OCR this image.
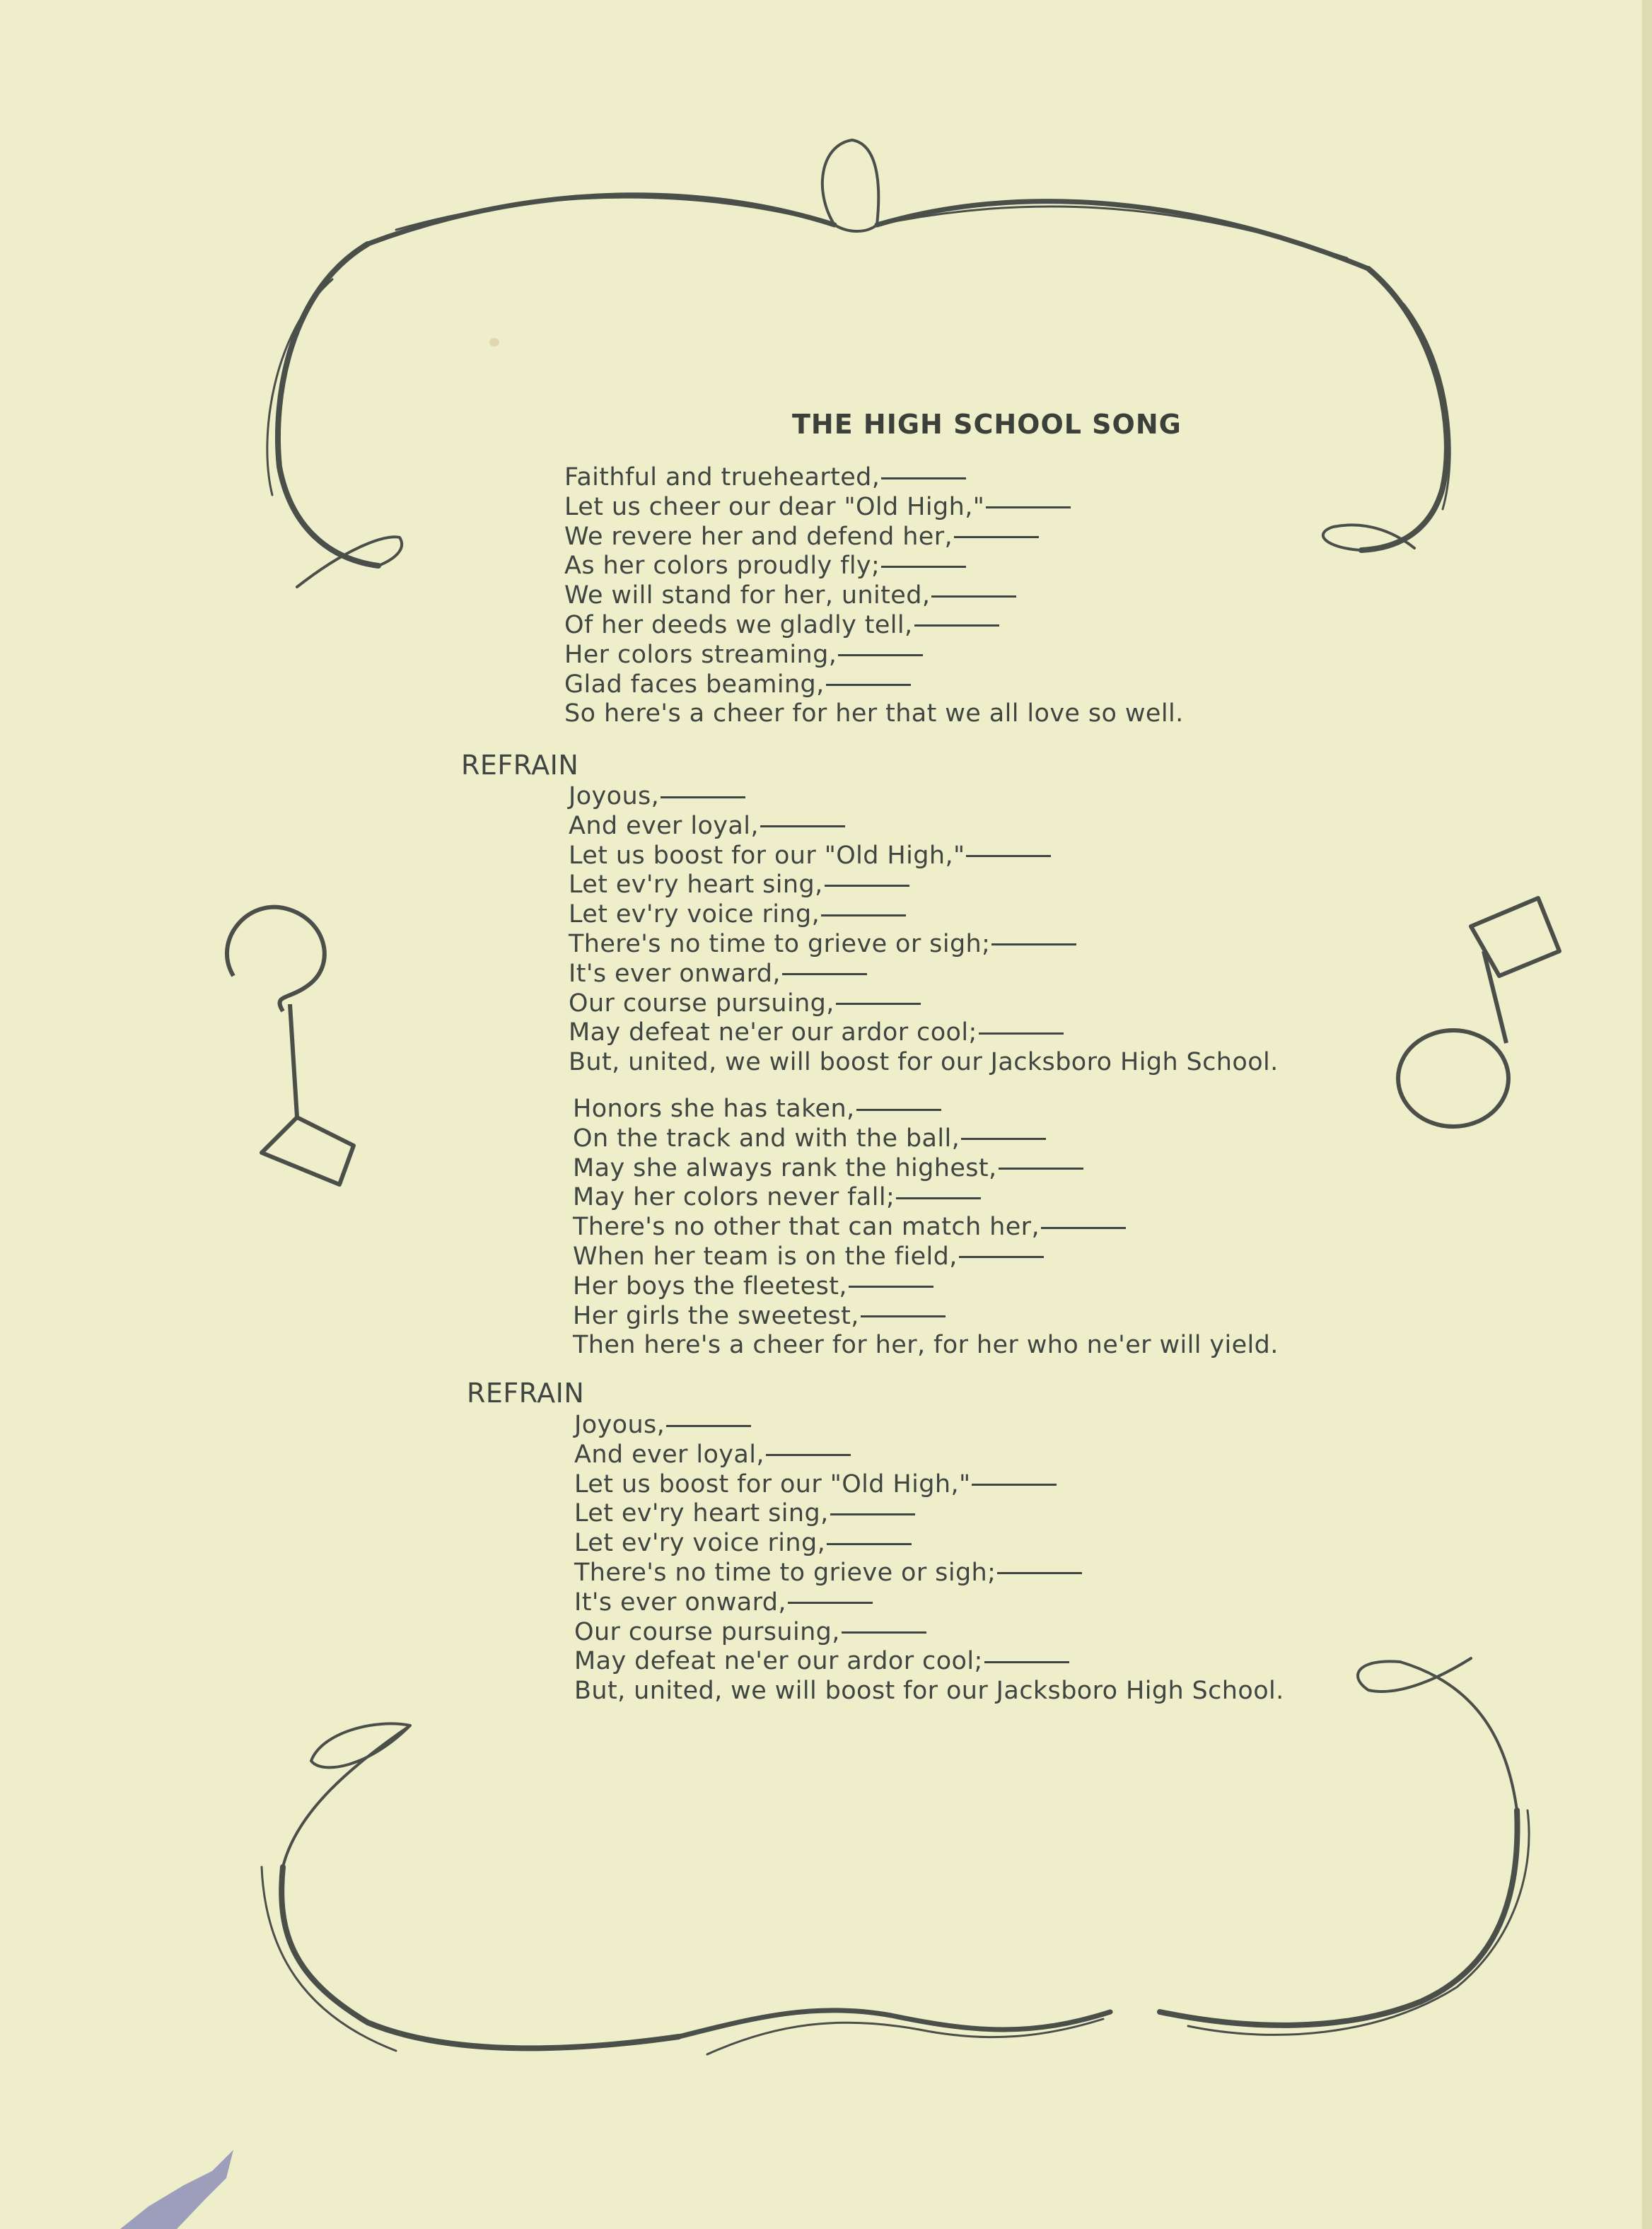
THE HIGH SCHOOL SONG
Faithful and truehearted,
Let us cheer our dear "Old High,"
We revere her and defend her,
As her colors proudly fly;
We will stand for her, united,
Of her deeds we gladly tell,
Her colors streaming,
Glad faces beaming,
So here's a cheer for her that we all love so well.
REFRAIN
Joyous,
And ever loyal,
Let us boost for our "Old High,"
Let ev'ry heart sing,
Let ev'ry voice ring,
There's no time to grieve or sigh;
It's ever onward,
Our course pursuing,
May defeat ne'er our ardor cool;
But, united, we will boost for our Jacksboro High School.
Honors she has taken,
On the track and with the ball,
May she always rank the highest,
May her colors never fall;
There's no other that can match her,
When her team is on the field,
Her boys the fleetest,
Her girls the sweetest,
Then here's a cheer for her, for her who ne'er will yield.
REFRAIN
Joyous,
And ever loyal,
Let us boost for our "Old High,"
Let ev'ry heart sing,
Let ev'ry voice ring,
There's no time to grieve or sigh;
It's ever onward,
Our course pursuing,
May defeat ne'er our ardor cool;
But, united, we will boost for our Jacksboro High School.
